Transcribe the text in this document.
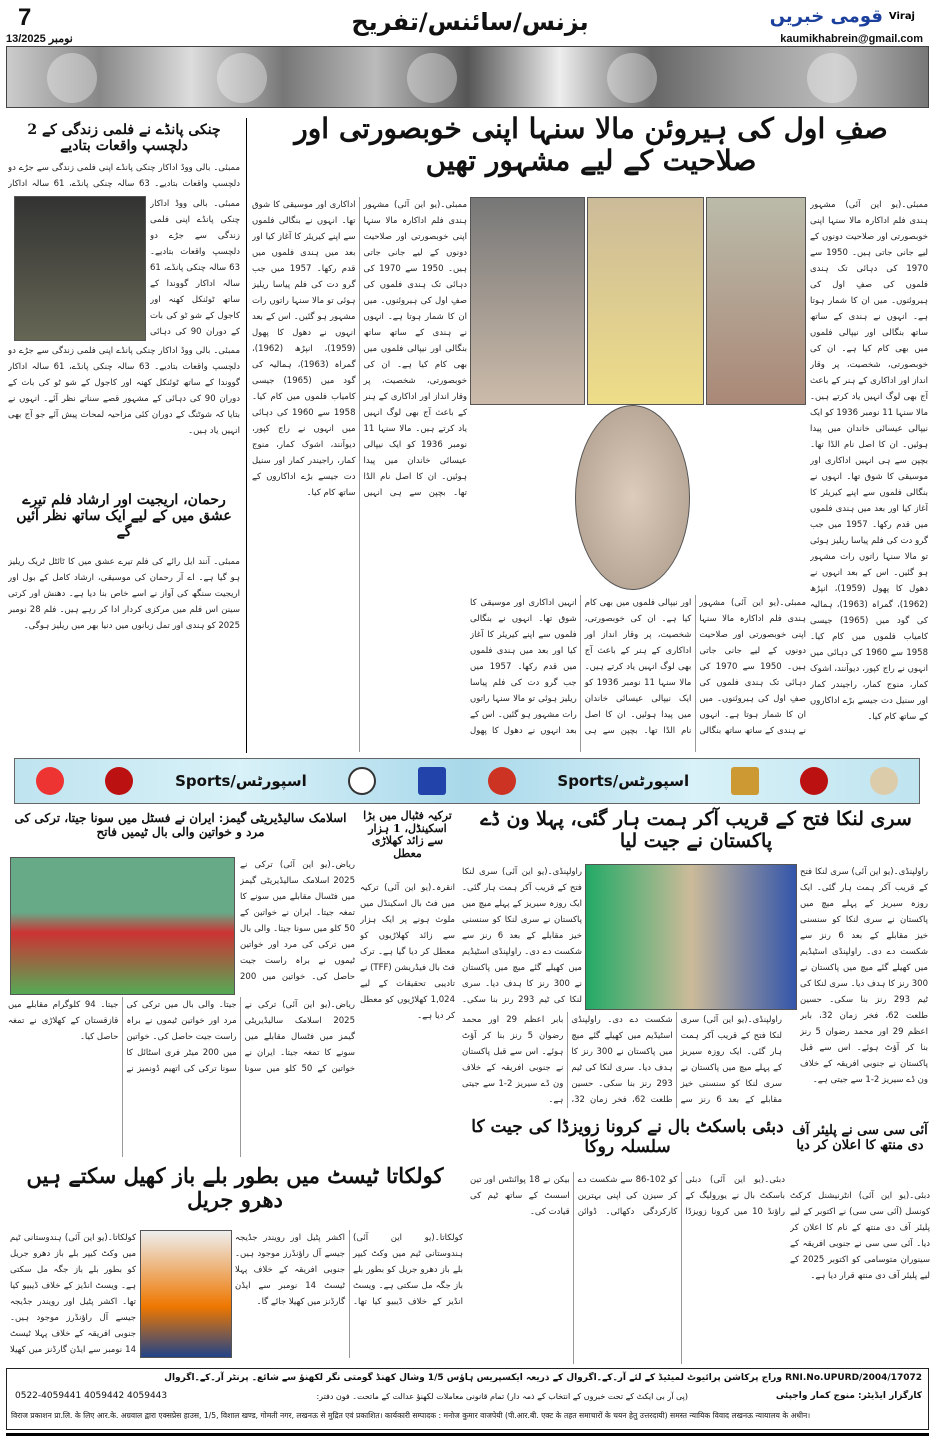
7
13/نومبر 2025
بزنس/سائنس/تفریح	قومی خبریں Viraj
kaumikhabrein@gmail.com
صفِ اول کی ہیروئن مالا سنہا اپنی خوبصورتی اور صلاحیت کے لیے مشہور تھیں
ممبئی۔(یو این آئی) مشہور ہندی فلم اداکارہ مالا سنہا اپنی خوبصورتی اور صلاحیت دونوں کے لیے جانی جاتی ہیں۔ 1950 سے 1970 کی دہائی تک ہندی فلموں کی صفِ اول کی ہیروئنوں۔ میں ان کا شمار ہوتا ہے۔ انہوں نے ہندی کے ساتھ ساتھ بنگالی اور نیپالی فلموں میں بھی کام کیا ہے۔ ان کی خوبصورتی، شخصیت، پر وقار انداز اور اداکاری کے ہنر کے باعث آج بھی لوگ انہیں یاد کرتے ہیں۔ مالا سنہا 11 نومبر 1936 کو ایک نیپالی عیسائی خاندان میں پیدا ہوئیں۔ ان کا اصل نام الڈا تھا۔ بچپن سے ہی انہیں اداکاری اور موسیقی کا شوق تھا۔ انہوں نے بنگالی فلموں سے اپنے کیریئر کا آغاز کیا اور بعد میں ہندی فلموں میں قدم رکھا۔ 1957 میں جب گرو دت کی فلم پیاسا ریلیز ہوئی تو مالا سنہا راتوں رات مشہور ہو گئیں۔ اس کے بعد انہوں نے دھول کا پھول (1959)، انپڑھ (1962)، گمراہ (1963)، ہمالیہ کی گود میں (1965) جیسی کامیاب فلموں میں کام کیا۔ 1958 سے 1960 کی دہائی میں انہوں نے راج کپور، دیوآنند، اشوک کمار، منوج کمار، راجیندر کمار اور سنیل دت جیسے بڑے اداکاروں کے ساتھ کام کیا۔
ممبئی۔(یو این آئی) مشہور ہندی فلم اداکارہ مالا سنہا اپنی خوبصورتی اور صلاحیت دونوں کے لیے جانی جاتی ہیں۔ 1950 سے 1970 کی دہائی تک ہندی فلموں کی صفِ اول کی ہیروئنوں۔ میں ان کا شمار ہوتا ہے۔ انہوں نے ہندی کے ساتھ ساتھ بنگالی اور نیپالی فلموں میں بھی کام کیا ہے۔ ان کی خوبصورتی، شخصیت، پر وقار انداز اور اداکاری کے ہنر کے باعث آج بھی لوگ انہیں یاد کرتے ہیں۔ مالا سنہا 11 نومبر 1936 کو ایک نیپالی عیسائی خاندان میں پیدا ہوئیں۔ ان کا اصل نام الڈا تھا۔ بچپن سے ہی انہیں اداکاری اور موسیقی کا شوق تھا۔ انہوں نے بنگالی فلموں سے اپنے کیریئر کا آغاز کیا اور بعد میں ہندی فلموں میں قدم رکھا۔ 1957 میں جب گرو دت کی فلم پیاسا ریلیز ہوئی تو مالا سنہا راتوں رات مشہور ہو گئیں۔ اس کے بعد انہوں نے دھول کا پھول (1959)، انپڑھ (1962)، گمراہ (1963)، ہمالیہ کی گود میں (1965) جیسی کامیاب فلموں میں کام کیا۔ 1958 سے 1960 کی دہائی میں انہوں نے راج کپور، دیوآنند، اشوک کمار، منوج کمار، راجیندر کمار اور سنیل دت جیسے بڑے اداکاروں کے ساتھ کام کیا۔
ممبئی۔(یو این آئی) مشہور ہندی فلم اداکارہ مالا سنہا اپنی خوبصورتی اور صلاحیت دونوں کے لیے جانی جاتی ہیں۔ 1950 سے 1970 کی دہائی تک ہندی فلموں کی صفِ اول کی ہیروئنوں۔ میں ان کا شمار ہوتا ہے۔ انہوں نے ہندی کے ساتھ ساتھ بنگالی اور نیپالی فلموں میں بھی کام کیا ہے۔ ان کی خوبصورتی، شخصیت، پر وقار انداز اور اداکاری کے ہنر کے باعث آج بھی لوگ انہیں یاد کرتے ہیں۔ مالا سنہا 11 نومبر 1936 کو ایک نیپالی عیسائی خاندان میں پیدا ہوئیں۔ ان کا اصل نام الڈا تھا۔ بچپن سے ہی انہیں اداکاری اور موسیقی کا شوق تھا۔ انہوں نے بنگالی فلموں سے اپنے کیریئر کا آغاز کیا اور بعد میں ہندی فلموں میں قدم رکھا۔ 1957 میں جب گرو دت کی فلم پیاسا ریلیز ہوئی تو مالا سنہا راتوں رات مشہور ہو گئیں۔ اس کے بعد انہوں نے دھول کا پھول
چنکی پانڈے نے فلمی زندگی کے 2 دلچسپ واقعات بتادیے
ممبئی۔ بالی ووڈ اداکار چنکی پانڈے اپنی فلمی زندگی سے جڑے دو دلچسپ واقعات بتادیے۔ 63 سالہ چنکی پانڈے، 61 سالہ اداکار
ممبئی۔ بالی ووڈ اداکار چنکی پانڈے اپنی فلمی زندگی سے جڑے دو دلچسپ واقعات بتادیے۔ 63 سالہ چنکی پانڈے، 61 سالہ اداکار گووندا کے ساتھ ٹوئنکل کھنہ اور کاجول کے شو ٹو کی بات کے دوران 90 کی دہائی
ممبئی۔ بالی ووڈ اداکار چنکی پانڈے اپنی فلمی زندگی سے جڑے دو دلچسپ واقعات بتادیے۔ 63 سالہ چنکی پانڈے، 61 سالہ اداکار گووندا کے ساتھ ٹوئنکل کھنہ اور کاجول کے شو ٹو کی بات کے دوران 90 کی دہائی کے مشہور قصے سناتے نظر آئے۔ انہوں نے بتایا کہ شوٹنگ کے دوران کئی مزاحیہ لمحات پیش آئے جو آج بھی انہیں یاد ہیں۔
رحمان، اریجیت اور ارشاد فلم تیرے عشق میں کے لیے ایک ساتھ نظر آئیں گے
ممبئی۔ آنند ایل رائے کی فلم تیرے عشق میں کا ٹائٹل ٹریک ریلیز ہو گیا ہے۔ اے آر رحمان کی موسیقی، ارشاد کامل کے بول اور اریجیت سنگھ کی آواز نے اسے خاص بنا دیا ہے۔ دھنش اور کرتی سینن اس فلم میں مرکزی کردار ادا کر رہے ہیں۔ فلم 28 نومبر 2025 کو ہندی اور تمل زبانوں میں دنیا بھر میں ریلیز ہوگی۔
Sports/اسپورٹس	Sports/اسپورٹس
سری لنکا فتح کے قریب آکر ہمت ہار گئی، پہلا ون ڈے پاکستان نے جیت لیا
راولپنڈی۔(یو این آئی) سری لنکا فتح کے قریب آکر ہمت ہار گئی۔ ایک روزہ سیریز کے پہلے میچ میں پاکستان نے سری لنکا کو سنسنی خیز مقابلے کے بعد 6 رنز سے شکست دے دی۔ راولپنڈی اسٹیڈیم میں کھیلے گئے میچ میں پاکستان نے 300 رنز کا ہدف دیا۔ سری لنکا کی ٹیم 293 رنز بنا سکی۔ حسین طلعت 62، فخر زمان 32، بابر اعظم 29 اور محمد رضوان 5 رنز بنا کر آؤٹ ہوئے۔ اس سے قبل پاکستان نے جنوبی افریقہ کے خلاف ون ڈے سیریز 2-1 سے جیتی ہے۔
راولپنڈی۔(یو این آئی) سری لنکا فتح کے قریب آکر ہمت ہار گئی۔ ایک روزہ سیریز کے پہلے میچ میں پاکستان نے سری لنکا کو سنسنی خیز مقابلے کے بعد 6 رنز سے شکست دے دی۔ راولپنڈی اسٹیڈیم میں کھیلے گئے میچ میں پاکستان نے 300 رنز کا ہدف دیا۔ سری لنکا کی ٹیم 293 رنز بنا سکی۔
راولپنڈی۔(یو این آئی) سری لنکا فتح کے قریب آکر ہمت ہار گئی۔ ایک روزہ سیریز کے پہلے میچ میں پاکستان نے سری لنکا کو سنسنی خیز مقابلے کے بعد 6 رنز سے شکست دے دی۔ راولپنڈی اسٹیڈیم میں کھیلے گئے میچ میں پاکستان نے 300 رنز کا ہدف دیا۔ سری لنکا کی ٹیم 293 رنز بنا سکی۔ حسین طلعت 62، فخر زمان 32، بابر اعظم 29 اور محمد رضوان 5 رنز بنا کر آؤٹ ہوئے۔ اس سے قبل پاکستان نے جنوبی افریقہ کے خلاف ون ڈے سیریز 2-1 سے جیتی ہے۔
ترکیہ فٹبال میں بڑا اسکینڈل، 1 ہزار سے زائد کھلاڑی معطل
انقرہ۔(یو این آئی) ترکیہ میں فٹ بال اسکینڈل میں ملوث ہونے پر ایک ہزار سے زائد کھلاڑیوں کو معطل کر دیا گیا ہے۔ ترک فٹ بال فیڈریشن (TFF) نے تادیبی تحقیقات کے لیے 1,024 کھلاڑیوں کو معطل کر دیا ہے۔
اسلامک سالیڈیریٹی گیمز: ایران نے فسٹل میں سونا جیتا، ترکی کی مرد و خواتین والی بال ٹیمیں فاتح
ریاض۔(یو این آئی) ترکی نے 2025 اسلامک سالیڈیریٹی گیمز میں فٹسال مقابلے میں سونے کا تمغہ جیتا۔ ایران نے خواتین کے 50 کلو میں سونا جیتا۔ والی بال میں ترکی کی مرد اور خواتین ٹیموں نے براہ راست جیت حاصل کی۔ خواتین میں 200
ریاض۔(یو این آئی) ترکی نے 2025 اسلامک سالیڈیریٹی گیمز میں فٹسال مقابلے میں سونے کا تمغہ جیتا۔ ایران نے خواتین کے 50 کلو میں سونا جیتا۔ والی بال میں ترکی کی مرد اور خواتین ٹیموں نے براہ راست جیت حاصل کی۔ خواتین میں 200 میٹر فری اسٹائل کا سونا ترکی کی اتھیم ڈونمیز نے جیتا۔ 94 کلوگرام مقابلے میں قازقستان کے کھلاڑی نے تمغہ حاصل کیا۔
آئی سی سی نے پلیئر آف دی منتھ کا اعلان کر دیا
دبئی۔(یو این آئی) انٹرنیشنل کرکٹ کونسل (آئی سی سی) نے اکتوبر کے لیے پلیئر آف دی منتھ کے نام کا اعلان کر دیا۔ آئی سی سی نے جنوبی افریقہ کے سینوران متوسامی کو اکتوبر 2025 کے لیے پلیئر آف دی منتھ قرار دیا ہے۔
دبئی باسکٹ بال نے کرونا زویزڈا کی جیت کا سلسلہ روکا
دبئی۔(یو این آئی) دبئی باسکٹ بال نے یورولیگ کے راؤنڈ 10 میں کرونا زویزڈا کو 102-86 سے شکست دے کر سیزن کی اپنی بہترین کارکردگی دکھائی۔ ڈوائن بیکن نے 18 پوائنٹس اور تین اسسٹ کے ساتھ ٹیم کی قیادت کی۔
کولکاتا ٹیسٹ میں بطور بلے باز کھیل سکتے ہیں دھرو جریل
کولکاتا۔(یو این آئی) ہندوستانی ٹیم میں وکٹ کیپر بلے باز دھرو جریل کو بطور بلے باز جگہ مل سکتی ہے۔ ویسٹ انڈیز کے خلاف ڈیبیو کیا تھا۔ اکشر پٹیل اور رویندر جڈیجہ جیسے آل راؤنڈرز موجود ہیں۔ جنوبی افریقہ کے خلاف پہلا ٹیسٹ 14 نومبر سے ایڈن گارڈنز میں کھیلا جائے گا۔
کولکاتا۔(یو این آئی) ہندوستانی ٹیم میں وکٹ کیپر بلے باز دھرو جریل کو بطور بلے باز جگہ مل سکتی ہے۔ ویسٹ انڈیز کے خلاف ڈیبیو کیا تھا۔ اکشر پٹیل اور رویندر جڈیجہ جیسے آل راؤنڈرز موجود ہیں۔ جنوبی افریقہ کے خلاف پہلا ٹیسٹ 14 نومبر سے ایڈن گارڈنز میں کھیلا
RNI.No.UPURD/2004/17072 وراج پرکاشن پرائیوٹ لمیٹیڈ کے لئے آر۔کے۔اگروال کے ذریعہ ایکسپریس ہاؤس 1/5 وشال کھنڈ گومتی نگر لکھنؤ سے شائع۔ پرنٹر آر۔کے۔اگروال
کارگزار ایڈیٹر: منوج کمار واجپئی
(پی آر بی ایکٹ کے تحت خبروں کے انتخاب کے ذمہ دار) تمام قانونی معاملات لکھنؤ عدالت کے ماتحت۔ فون دفتر:
0522-4059441 4059442 4059443
विराज प्रकाशन प्रा.लि. के लिए आर.के. अग्रवाल द्वारा एक्सप्रेस हाउस, 1/5, विशाल खण्ड, गोमती नगर, लखनऊ से मुद्रित एवं प्रकाशित। कार्यकारी सम्पादक : मनोज कुमार वाजपेयी (पी.आर.बी. एक्ट के तहत समाचारों के चयन हेतु उत्तरदायी) समस्त न्यायिक विवाद लखनऊ न्यायालय के अधीन।
